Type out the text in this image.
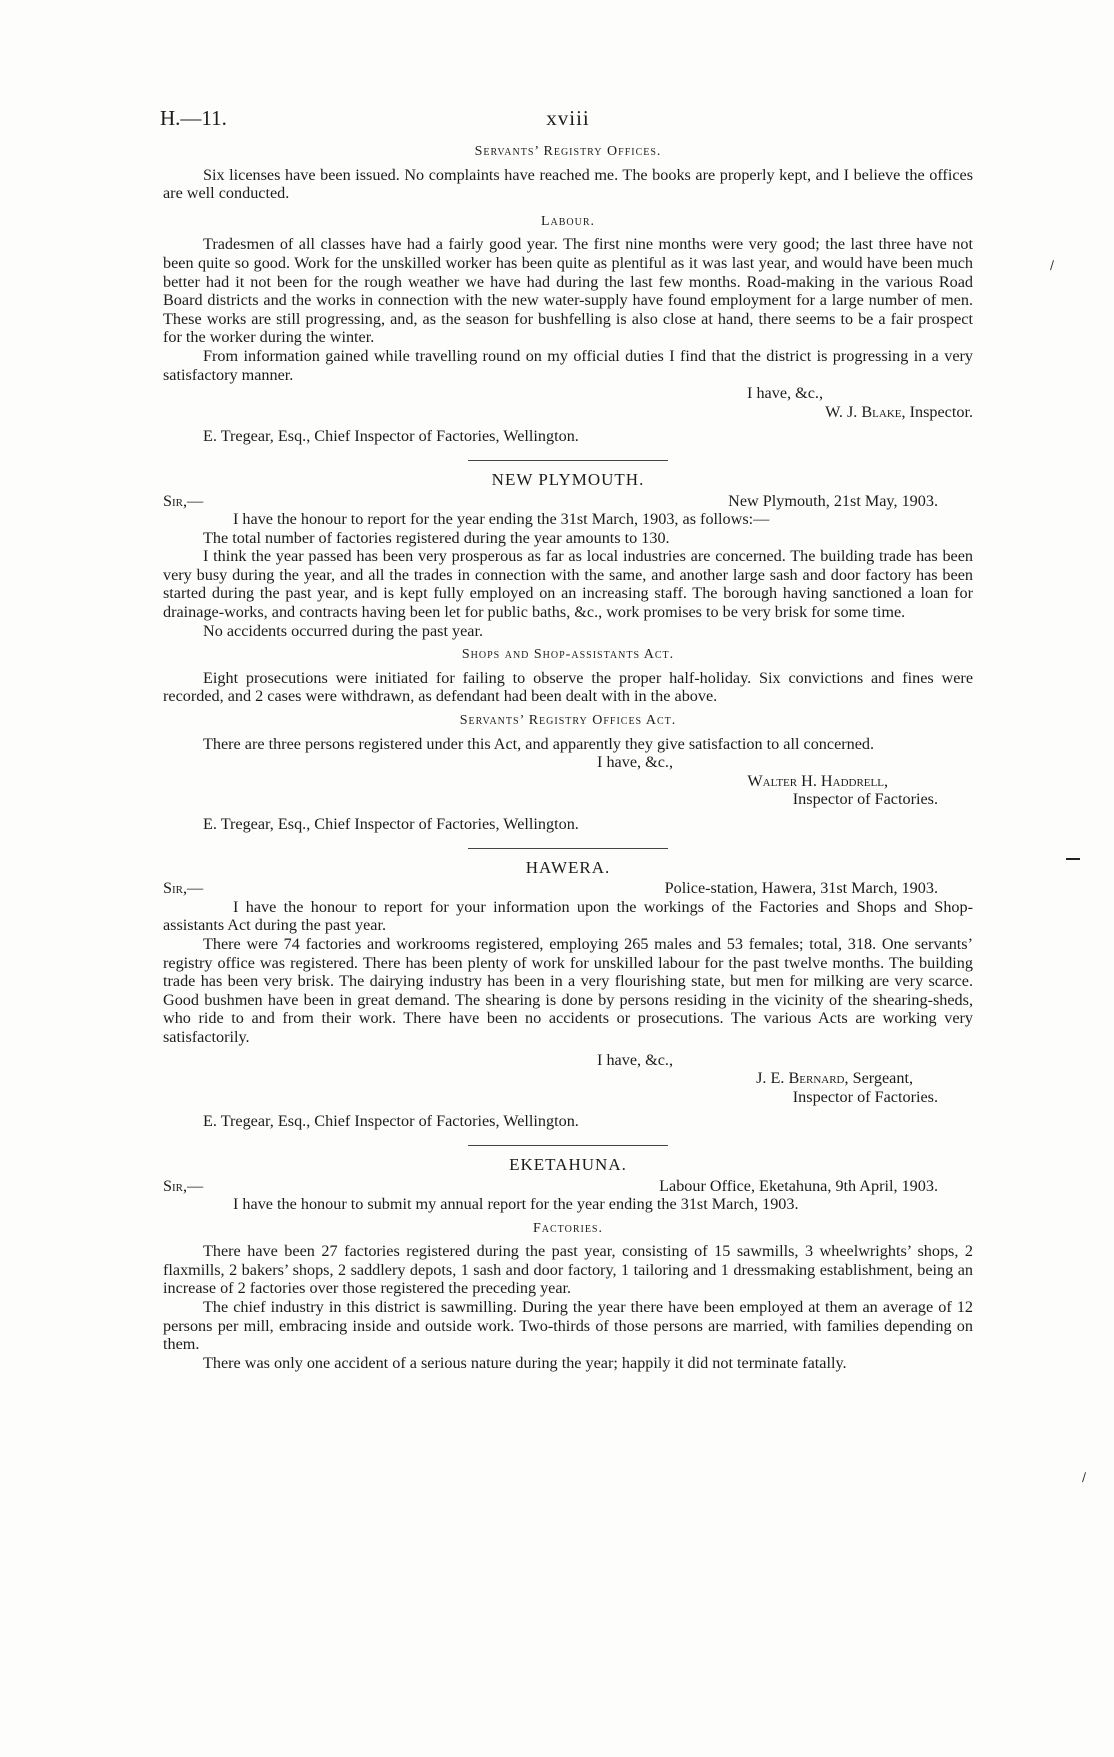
H.—11.	xviii
Servants’ Registry Offices.

Six licenses have been issued. No complaints have reached me. The books are properly kept, and I believe the offices are well conducted.

Labour.

Tradesmen of all classes have had a fairly good year. The first nine months were very good; the last three have not been quite so good. Work for the unskilled worker has been quite as plentiful as it was last year, and would have been much better had it not been for the rough weather we have had during the last few months. Road-making in the various Road Board districts and the works in connection with the new water-supply have found employment for a large number of men. These works are still progressing, and, as the season for bushfelling is also close at hand, there seems to be a fair prospect for the worker during the winter.

From information gained while travelling round on my official duties I find that the district is progressing in a very satisfactory manner.

I have, &c.,
W. J. Blake, Inspector.
E. Tregear, Esq., Chief Inspector of Factories, Wellington.
NEW PLYMOUTH.
Sir,—	New Plymouth, 21st May, 1903.

I have the honour to report for the year ending the 31st March, 1903, as follows:—

The total number of factories registered during the year amounts to 130.

I think the year passed has been very prosperous as far as local industries are concerned. The building trade has been very busy during the year, and all the trades in connection with the same, and another large sash and door factory has been started during the past year, and is kept fully employed on an increasing staff. The borough having sanctioned a loan for drainage-works, and contracts having been let for public baths, &c., work promises to be very brisk for some time.

No accidents occurred during the past year.

Shops and Shop-assistants Act.

Eight prosecutions were initiated for failing to observe the proper half-holiday. Six convictions and fines were recorded, and 2 cases were withdrawn, as defendant had been dealt with in the above.

Servants’ Registry Offices Act.

There are three persons registered under this Act, and apparently they give satisfaction to all concerned.

I have, &c.,
Walter H. Haddrell,
Inspector of Factories.
E. Tregear, Esq., Chief Inspector of Factories, Wellington.
HAWERA.
Sir,—	Police-station, Hawera, 31st March, 1903.

I have the honour to report for your information upon the workings of the Factories and Shops and Shop-assistants Act during the past year.

There were 74 factories and workrooms registered, employing 265 males and 53 females; total, 318. One servants’ registry office was registered. There has been plenty of work for unskilled labour for the past twelve months. The building trade has been very brisk. The dairying industry has been in a very flourishing state, but men for milking are very scarce. Good bushmen have been in great demand. The shearing is done by persons residing in the vicinity of the shearing-sheds, who ride to and from their work. There have been no accidents or prosecutions. The various Acts are working very satisfactorily.

I have, &c.,
J. E. Bernard, Sergeant,
Inspector of Factories.
E. Tregear, Esq., Chief Inspector of Factories, Wellington.
EKETAHUNA.
Sir,—	Labour Office, Eketahuna, 9th April, 1903.

I have the honour to submit my annual report for the year ending the 31st March, 1903.

Factories.

There have been 27 factories registered during the past year, consisting of 15 sawmills, 3 wheelwrights’ shops, 2 flaxmills, 2 bakers’ shops, 2 saddlery depots, 1 sash and door factory, 1 tailoring and 1 dressmaking establishment, being an increase of 2 factories over those registered the preceding year.

The chief industry in this district is sawmilling. During the year there have been employed at them an average of 12 persons per mill, embracing inside and outside work. Two-thirds of those persons are married, with families depending on them.

There was only one accident of a serious nature during the year; happily it did not terminate fatally.

∕
∕
